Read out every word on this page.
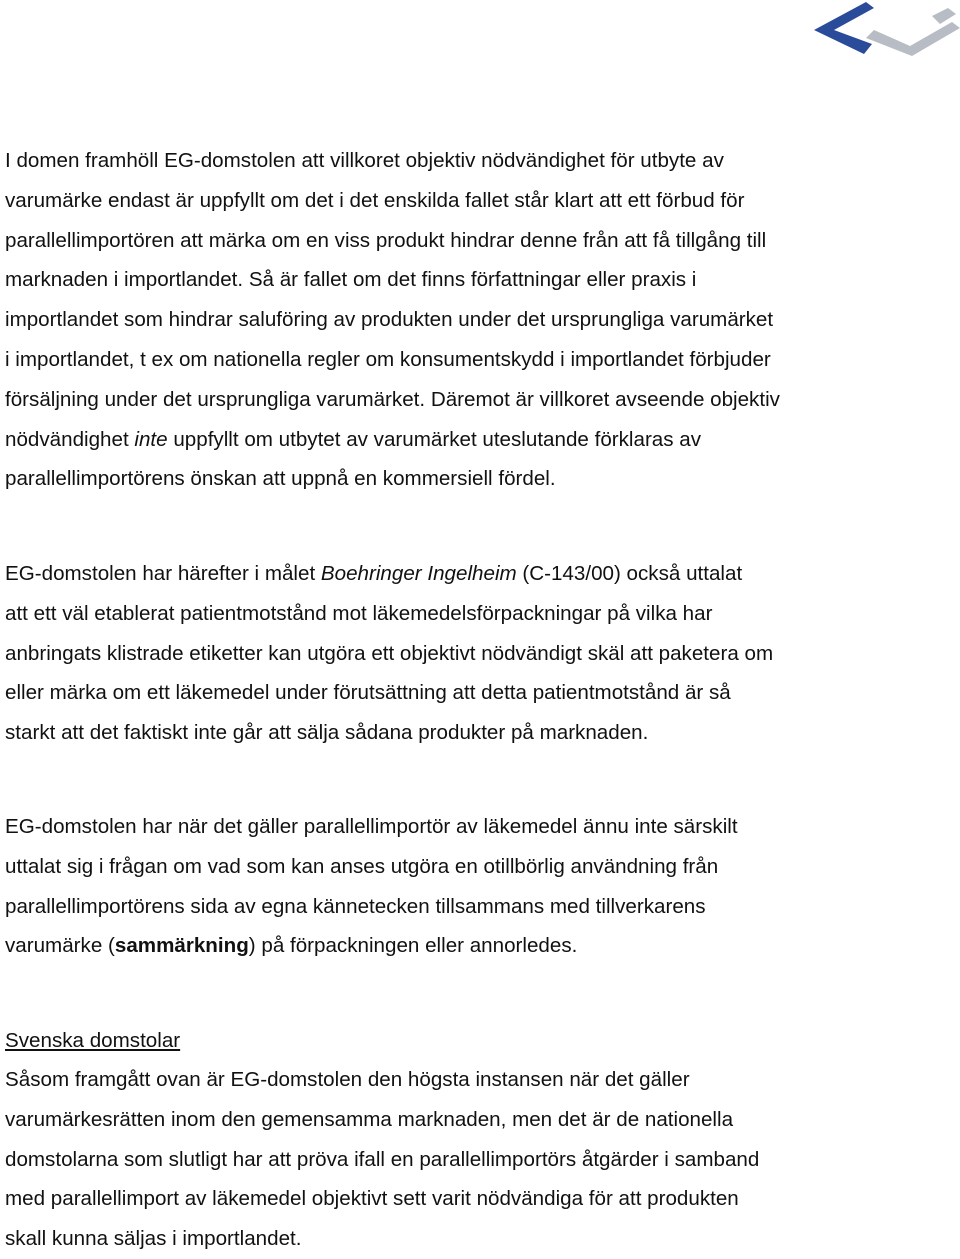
I domen framhöll EG-domstolen att villkoret objektiv nödvändighet för utbyte av
varumärke endast är uppfyllt om det i det enskilda fallet står klart att ett förbud för
parallellimportören att märka om en viss produkt hindrar denne från att få tillgång till
marknaden i importlandet. Så är fallet om det finns författningar eller praxis i
importlandet som hindrar saluföring av produkten under det ursprungliga varumärket
i importlandet, t ex om nationella regler om konsumentskydd i importlandet förbjuder
försäljning under det ursprungliga varumärket. Däremot är villkoret avseende objektiv
nödvändighet inte uppfyllt om utbytet av varumärket uteslutande förklaras av
parallellimportörens önskan att uppnå en kommersiell fördel.
EG-domstolen har härefter i målet Boehringer Ingelheim (C-143/00) också uttalat
att ett väl etablerat patientmotstånd mot läkemedelsförpackningar på vilka har
anbringats klistrade etiketter kan utgöra ett objektivt nödvändigt skäl att paketera om
eller märka om ett läkemedel under förutsättning att detta patientmotstånd är så
starkt att det faktiskt inte går att sälja sådana produkter på marknaden.
EG-domstolen har när det gäller parallellimportör av läkemedel ännu inte särskilt
uttalat sig i frågan om vad som kan anses utgöra en otillbörlig användning från
parallellimportörens sida av egna kännetecken tillsammans med tillverkarens
varumärke (sammärkning) på förpackningen eller annorledes.
Svenska domstolar
Såsom framgått ovan är EG-domstolen den högsta instansen när det gäller
varumärkesrätten inom den gemensamma marknaden, men det är de nationella
domstolarna som slutligt har att pröva ifall en parallellimportörs åtgärder i samband
med parallellimport av läkemedel objektivt sett varit nödvändiga för att produkten
skall kunna säljas i importlandet.
